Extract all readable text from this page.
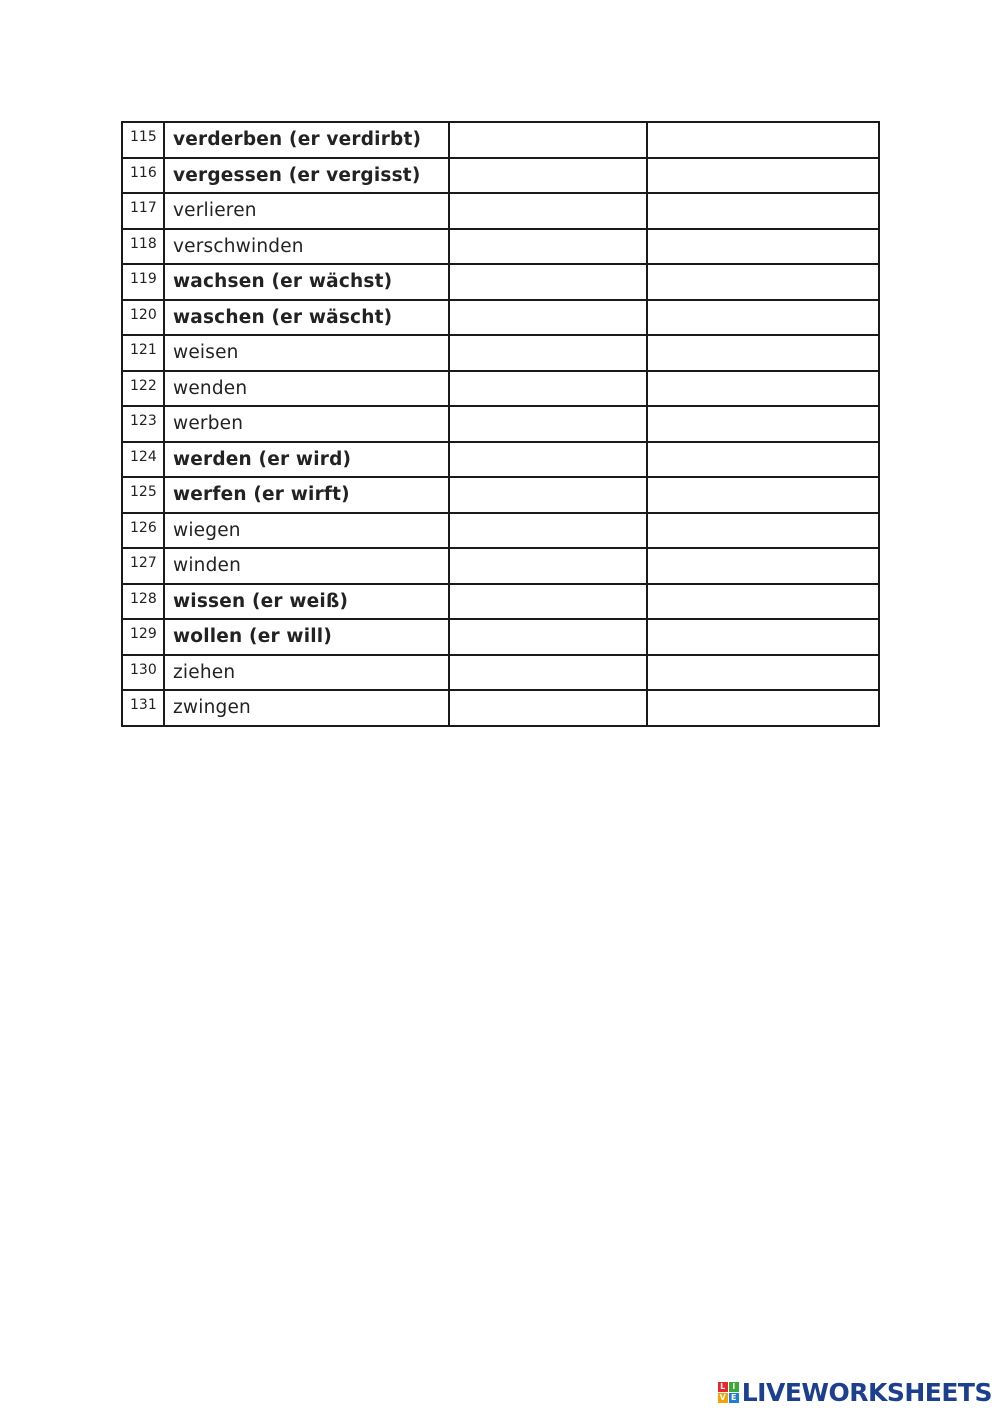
115	verderben (er verdirbt)		
116	vergessen (er vergisst)		
117	verlieren		
118	verschwinden		
119	wachsen (er wächst)		
120	waschen (er wäscht)		
121	weisen		
122	wenden		
123	werben		
124	werden (er wird)		
125	werfen (er wirft)		
126	wiegen		
127	winden		
128	wissen (er weiß)		
129	wollen (er will)		
130	ziehen		
131	zwingen		
L I
V E LIVEWORKSHEETS
